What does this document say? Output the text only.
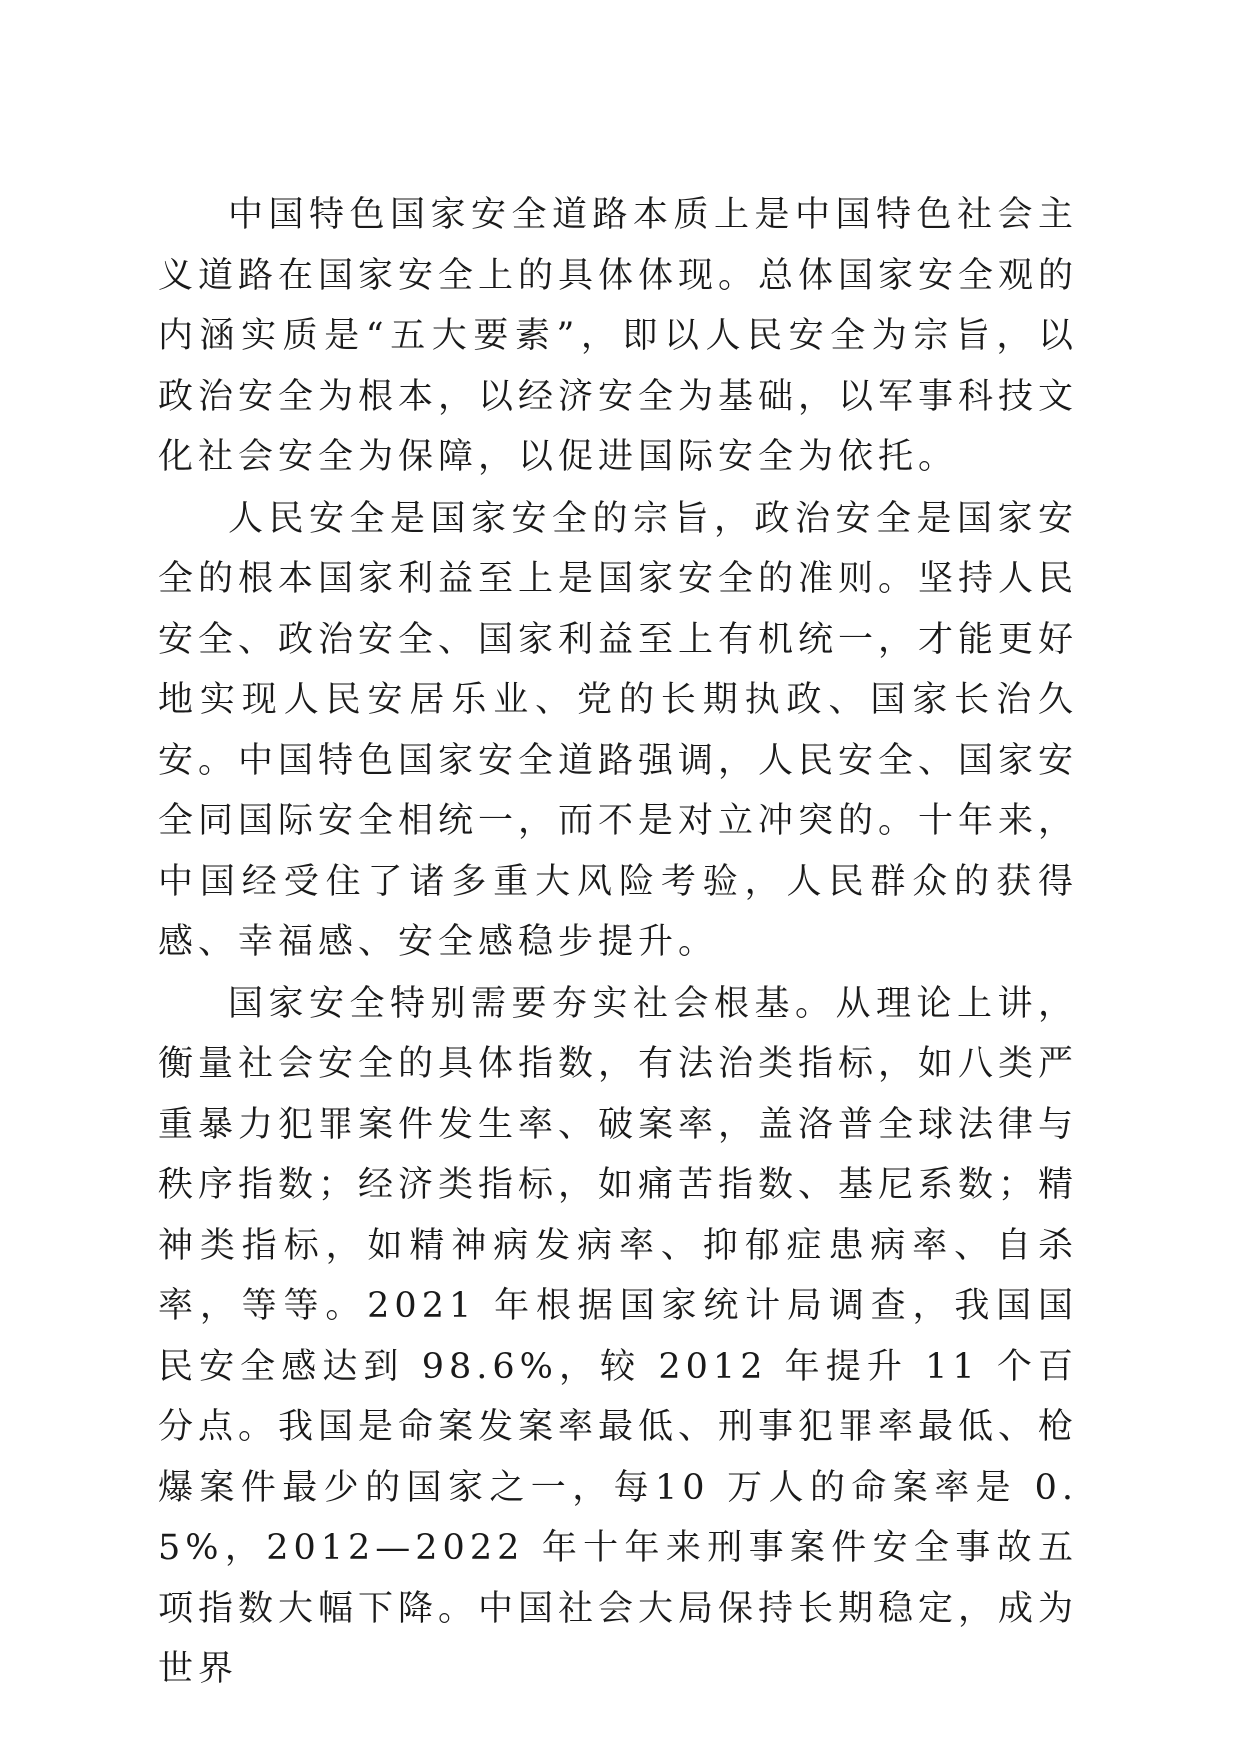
中国特色国家安全道路本质上是中国特色社会主义道路在国家安全上的具体体现。总体国家安全观的内涵实质是“五大要素”，即以人民安全为宗旨，以政治安全为根本，以经济安全为基础，以军事科技文化社会安全为保障，以促进国际安全为依托。

人民安全是国家安全的宗旨，政治安全是国家安全的根本国家利益至上是国家安全的准则。坚持人民安全、政治安全、国家利益至上有机统一，才能更好地实现人民安居乐业、党的长期执政、国家长治久安。中国特色国家安全道路强调，人民安全、国家安全同国际安全相统一，而不是对立冲突的。十年来，中国经受住了诸多重大风险考验，人民群众的获得感、幸福感、安全感稳步提升。

国家安全特别需要夯实社会根基。从理论上讲，衡量社会安全的具体指数，有法治类指标，如八类严重暴力犯罪案件发生率、破案率，盖洛普全球法律与秩序指数；经济类指标，如痛苦指数、基尼系数；精神类指标，如精神病发病率、抑郁症患病率、自杀率，等等。2021 年根据国家统计局调查，我国国民安全感达到 98.6%，较 2012 年提升 11 个百分点。我国是命案发案率最低、刑事犯罪率最低、枪爆案件最少的国家之一，每10 万人的命案率是 0.5%，2012—2022 年十年来刑事案件安全事故五项指数大幅下降。中国社会大局保持长期稳定，成为世界
